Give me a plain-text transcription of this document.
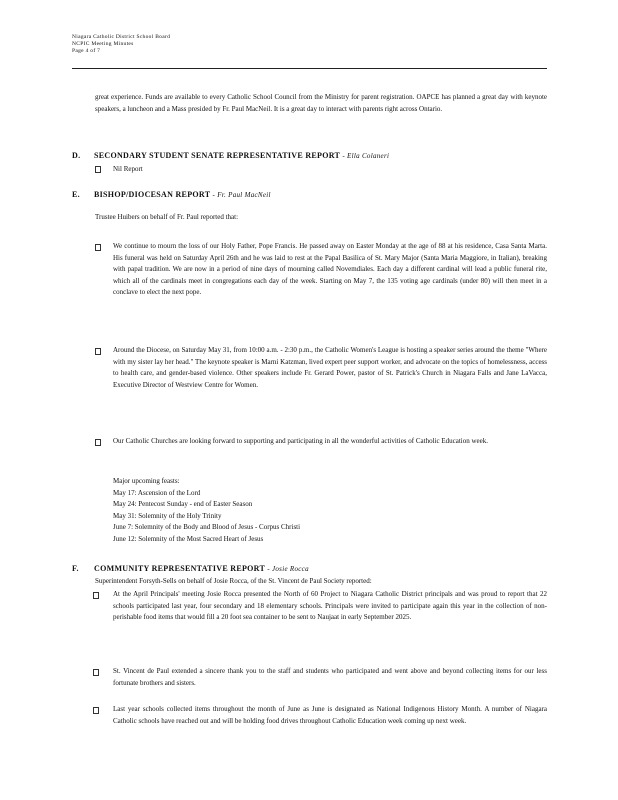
Niagara Catholic District School Board
NCPIC Meeting Minutes
Page 4 of 7
great experience. Funds are available to every Catholic School Council from the Ministry for parent registration. OAPCE has planned a great day with keynote speakers, a luncheon and a Mass presided by Fr. Paul MacNeil. It is a great day to interact with parents right across Ontario.
D. SECONDARY STUDENT SENATE REPRESENTATIVE REPORT - Ella Colaneri
Nil Report
E. BISHOP/DIOCESAN REPORT - Fr. Paul MacNeil
Trustee Huibers on behalf of Fr. Paul reported that:
We continue to mourn the loss of our Holy Father, Pope Francis. He passed away on Easter Monday at the age of 88 at his residence, Casa Santa Marta. His funeral was held on Saturday April 26th and he was laid to rest at the Papal Basilica of St. Mary Major (Santa Maria Maggiore, in Italian), breaking with papal tradition. We are now in a period of nine days of mourning called Novemdiales. Each day a different cardinal will lead a public funeral rite, which all of the cardinals meet in congregations each day of the week. Starting on May 7, the 135 voting age cardinals (under 80) will then meet in a conclave to elect the next pope.
Around the Diocese, on Saturday May 31, from 10:00 a.m. - 2:30 p.m., the Catholic Women's League is hosting a speaker series around the theme "Where with my sister lay her head." The keynote speaker is Marni Katzman, lived expert peer support worker, and advocate on the topics of homelessness, access to health care, and gender-based violence. Other speakers include Fr. Gerard Power, pastor of St. Patrick's Church in Niagara Falls and Jane LaVacca, Executive Director of Westview Centre for Women.
Our Catholic Churches are looking forward to supporting and participating in all the wonderful activities of Catholic Education week.
Major upcoming feasts:
May 17: Ascension of the Lord
May 24: Pentecost Sunday - end of Easter Season
May 31: Solemnity of the Holy Trinity
June 7: Solemnity of the Body and Blood of Jesus - Corpus Christi
June 12: Solemnity of the Most Sacred Heart of Jesus
F. COMMUNITY REPRESENTATIVE REPORT - Josie Rocca
Superintendent Forsyth-Sells on behalf of Josie Rocca, of the St. Vincent de Paul Society reported:
At the April Principals' meeting Josie Rocca presented the North of 60 Project to Niagara Catholic District principals and was proud to report that 22 schools participated last year, four secondary and 18 elementary schools. Principals were invited to participate again this year in the collection of non-perishable food items that would fill a 20 foot sea container to be sent to Naujaat in early September 2025.
St. Vincent de Paul extended a sincere thank you to the staff and students who participated and went above and beyond collecting items for our less fortunate brothers and sisters.
Last year schools collected items throughout the month of June as June is designated as National Indigenous History Month. A number of Niagara Catholic schools have reached out and will be holding food drives throughout Catholic Education week coming up next week.
